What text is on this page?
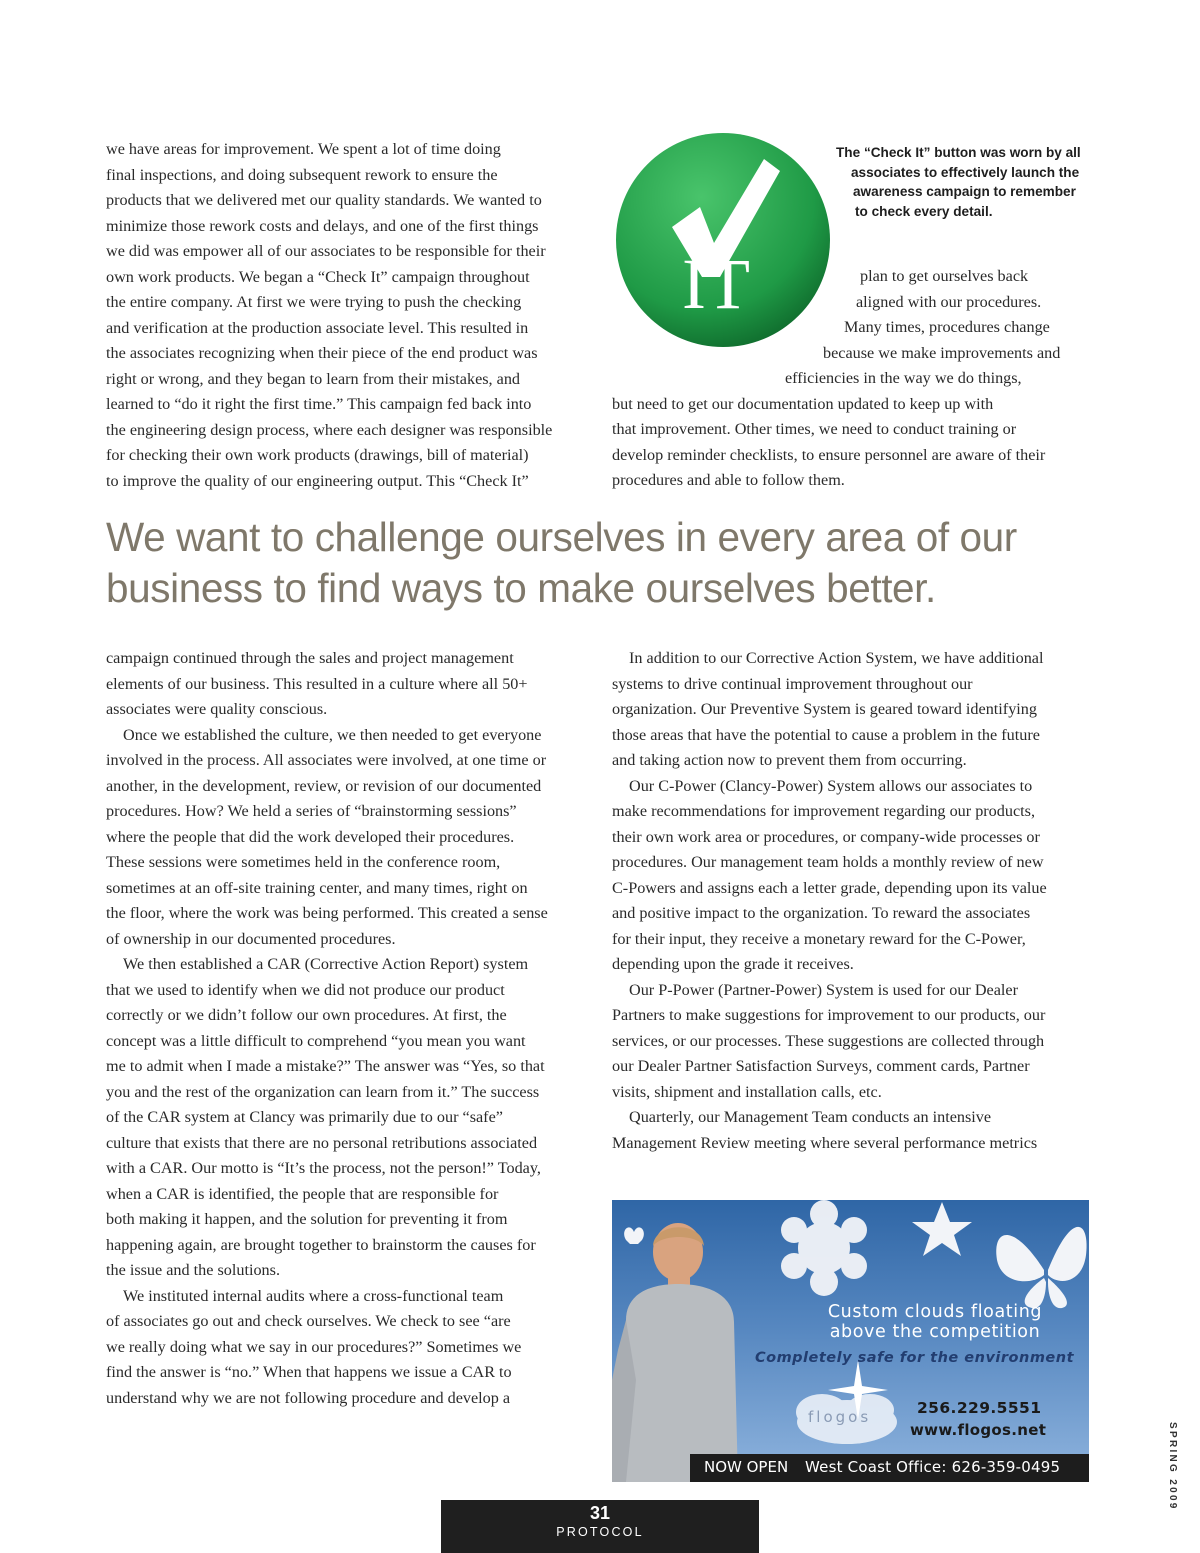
we have areas for improvement. We spent a lot of time doing

final inspections, and doing subsequent rework to ensure the

products that we delivered met our quality standards. We wanted to

minimize those rework costs and delays, and one of the first things

we did was empower all of our associates to be responsible for their

own work products. We began a “Check It” campaign throughout

the entire company. At first we were trying to push the checking

and verification at the production associate level. This resulted in

the associates recognizing when their piece of the end product was

right or wrong, and they began to learn from their mistakes, and

learned to “do it right the first time.” This campaign fed back into

the engineering design process, where each designer was responsible

for checking their own work products (drawings, bill of material)

to improve the quality of our engineering output. This “Check It”

IT
The “Check It” button was worn by all
associates to effectively launch the
awareness campaign to remember
to check every detail.

plan to get ourselves back

aligned with our procedures.

Many times, procedures change

because we make improvements and

efficiencies in the way we do things,

but need to get our documentation updated to keep up with

that improvement. Other times, we need to conduct training or

develop reminder checklists, to ensure personnel are aware of their

procedures and able to follow them.

We want to challenge ourselves in every area of our business to find ways to make ourselves better.

campaign continued through the sales and project management

elements of our business. This resulted in a culture where all 50+

associates were quality conscious.

Once we established the culture, we then needed to get everyone

involved in the process. All associates were involved, at one time or

another, in the development, review, or revision of our documented

procedures. How? We held a series of “brainstorming sessions”

where the people that did the work developed their procedures.

These sessions were sometimes held in the conference room,

sometimes at an off-site training center, and many times, right on

the floor, where the work was being performed. This created a sense

of ownership in our documented procedures.

We then established a CAR (Corrective Action Report) system

that we used to identify when we did not produce our product

correctly or we didn’t follow our own procedures. At first, the

concept was a little difficult to comprehend “you mean you want

me to admit when I made a mistake?” The answer was “Yes, so that

you and the rest of the organization can learn from it.” The success

of the CAR system at Clancy was primarily due to our “safe”

culture that exists that there are no personal retributions associated

with a CAR. Our motto is “It’s the process, not the person!” Today,

when a CAR is identified, the people that are responsible for

both making it happen, and the solution for preventing it from

happening again, are brought together to brainstorm the causes for

the issue and the solutions.

We instituted internal audits where a cross-functional team

of associates go out and check ourselves. We check to see “are

we really doing what we say in our procedures?” Sometimes we

find the answer is “no.” When that happens we issue a CAR to

understand why we are not following procedure and develop a

In addition to our Corrective Action System, we have additional

systems to drive continual improvement throughout our

organization. Our Preventive System is geared toward identifying

those areas that have the potential to cause a problem in the future

and taking action now to prevent them from occurring.

Our C-Power (Clancy-Power) System allows our associates to

make recommendations for improvement regarding our products,

their own work area or procedures, or company-wide processes or

procedures. Our management team holds a monthly review of new

C-Powers and assigns each a letter grade, depending upon its value

and positive impact to the organization. To reward the associates

for their input, they receive a monetary reward for the C-Power,

depending upon the grade it receives.

Our P-Power (Partner-Power) System is used for our Dealer

Partners to make suggestions for improvement to our products, our

services, or our processes. These suggestions are collected through

our Dealer Partner Satisfaction Surveys, comment cards, Partner

visits, shipment and installation calls, etc.

Quarterly, our Management Team conducts an intensive

Management Review meeting where several performance metrics

Custom clouds floating
above the competition
Completely safe for the environment
flogos	256.229.5551
www.flogos.net
NOW OPEN West Coast Office: 626-359-0495
31
PROTOCOL
SPRING 2009
